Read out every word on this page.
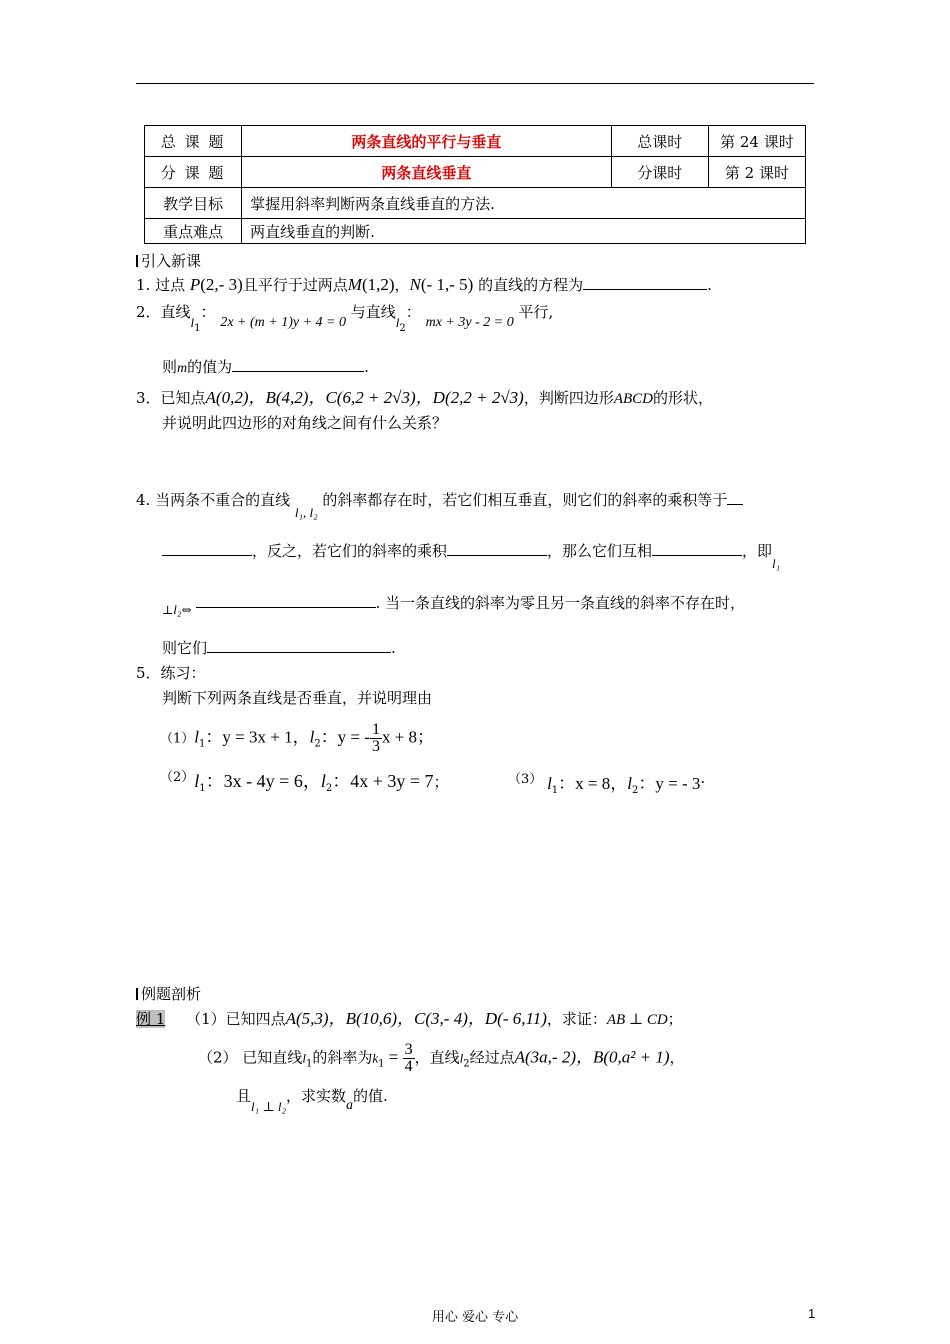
总 课 题	两条直线的平行与垂直	总课时	第 24 课时
分 课 题	两条直线垂直	分课时	第 2 课时
教学目标	掌握用斜率判断两条直线垂直的方法.		
重点难点	两直线垂直的判断.		
引入新课
1. 过点 P(2,- 3)且平行于过两点M(1,2)，N(- 1,- 5) 的直线的方程为	.
2．直线$l_1$： 2x + (m + 1)y + 4 = 0 与直线$l_2$： mx + 3y - 2 = 0 平行,
则m的值为	.
3．已知点A(0,2)，B(4,2)，C(6,2 + 2√3)，D(2,2 + 2√3)，判断四边形ABCD的形状，
并说明此四边形的对角线之间有什么关系？
4. 当两条不重合的直线 l₁, l₂ 的斜率都存在时，若它们相互垂直，则它们的斜率的乘积等于
，反之，若它们的斜率的乘积	，那么它们互相	，即l₁
$_\perp l_2_\Leftrightarrow$	. 当一条直线的斜率为零且另一条直线的斜率不存在时，
则它们	.
5．练习：
判断下列两条直线是否垂直，并说明理由
$(1)l_1$：y = 3x + 1，$l_2$：y = - $\frac{1}{3}$ x + 8；
$(2)l_1$：3x - 4y = 6，$l_2$：4x + 3y = 7；	（3） $l_1$：x = 8，$l_2$：y = - 3.
例题剖析
例 1 （1）已知四点A(5,3)，B(10,6)，C(3,- 4)，D(- 6,11)，求证：AB ⊥ CD；
（2） 已知直线$l_1$的斜率为$k_1 = \frac{3}{4}$ ，直线$l_2$经过点A(3a,- 2)，B(0,a² + 1)，
且l₁ ⊥ l₂，求实数a的值.
用心 爱心 专心	1
